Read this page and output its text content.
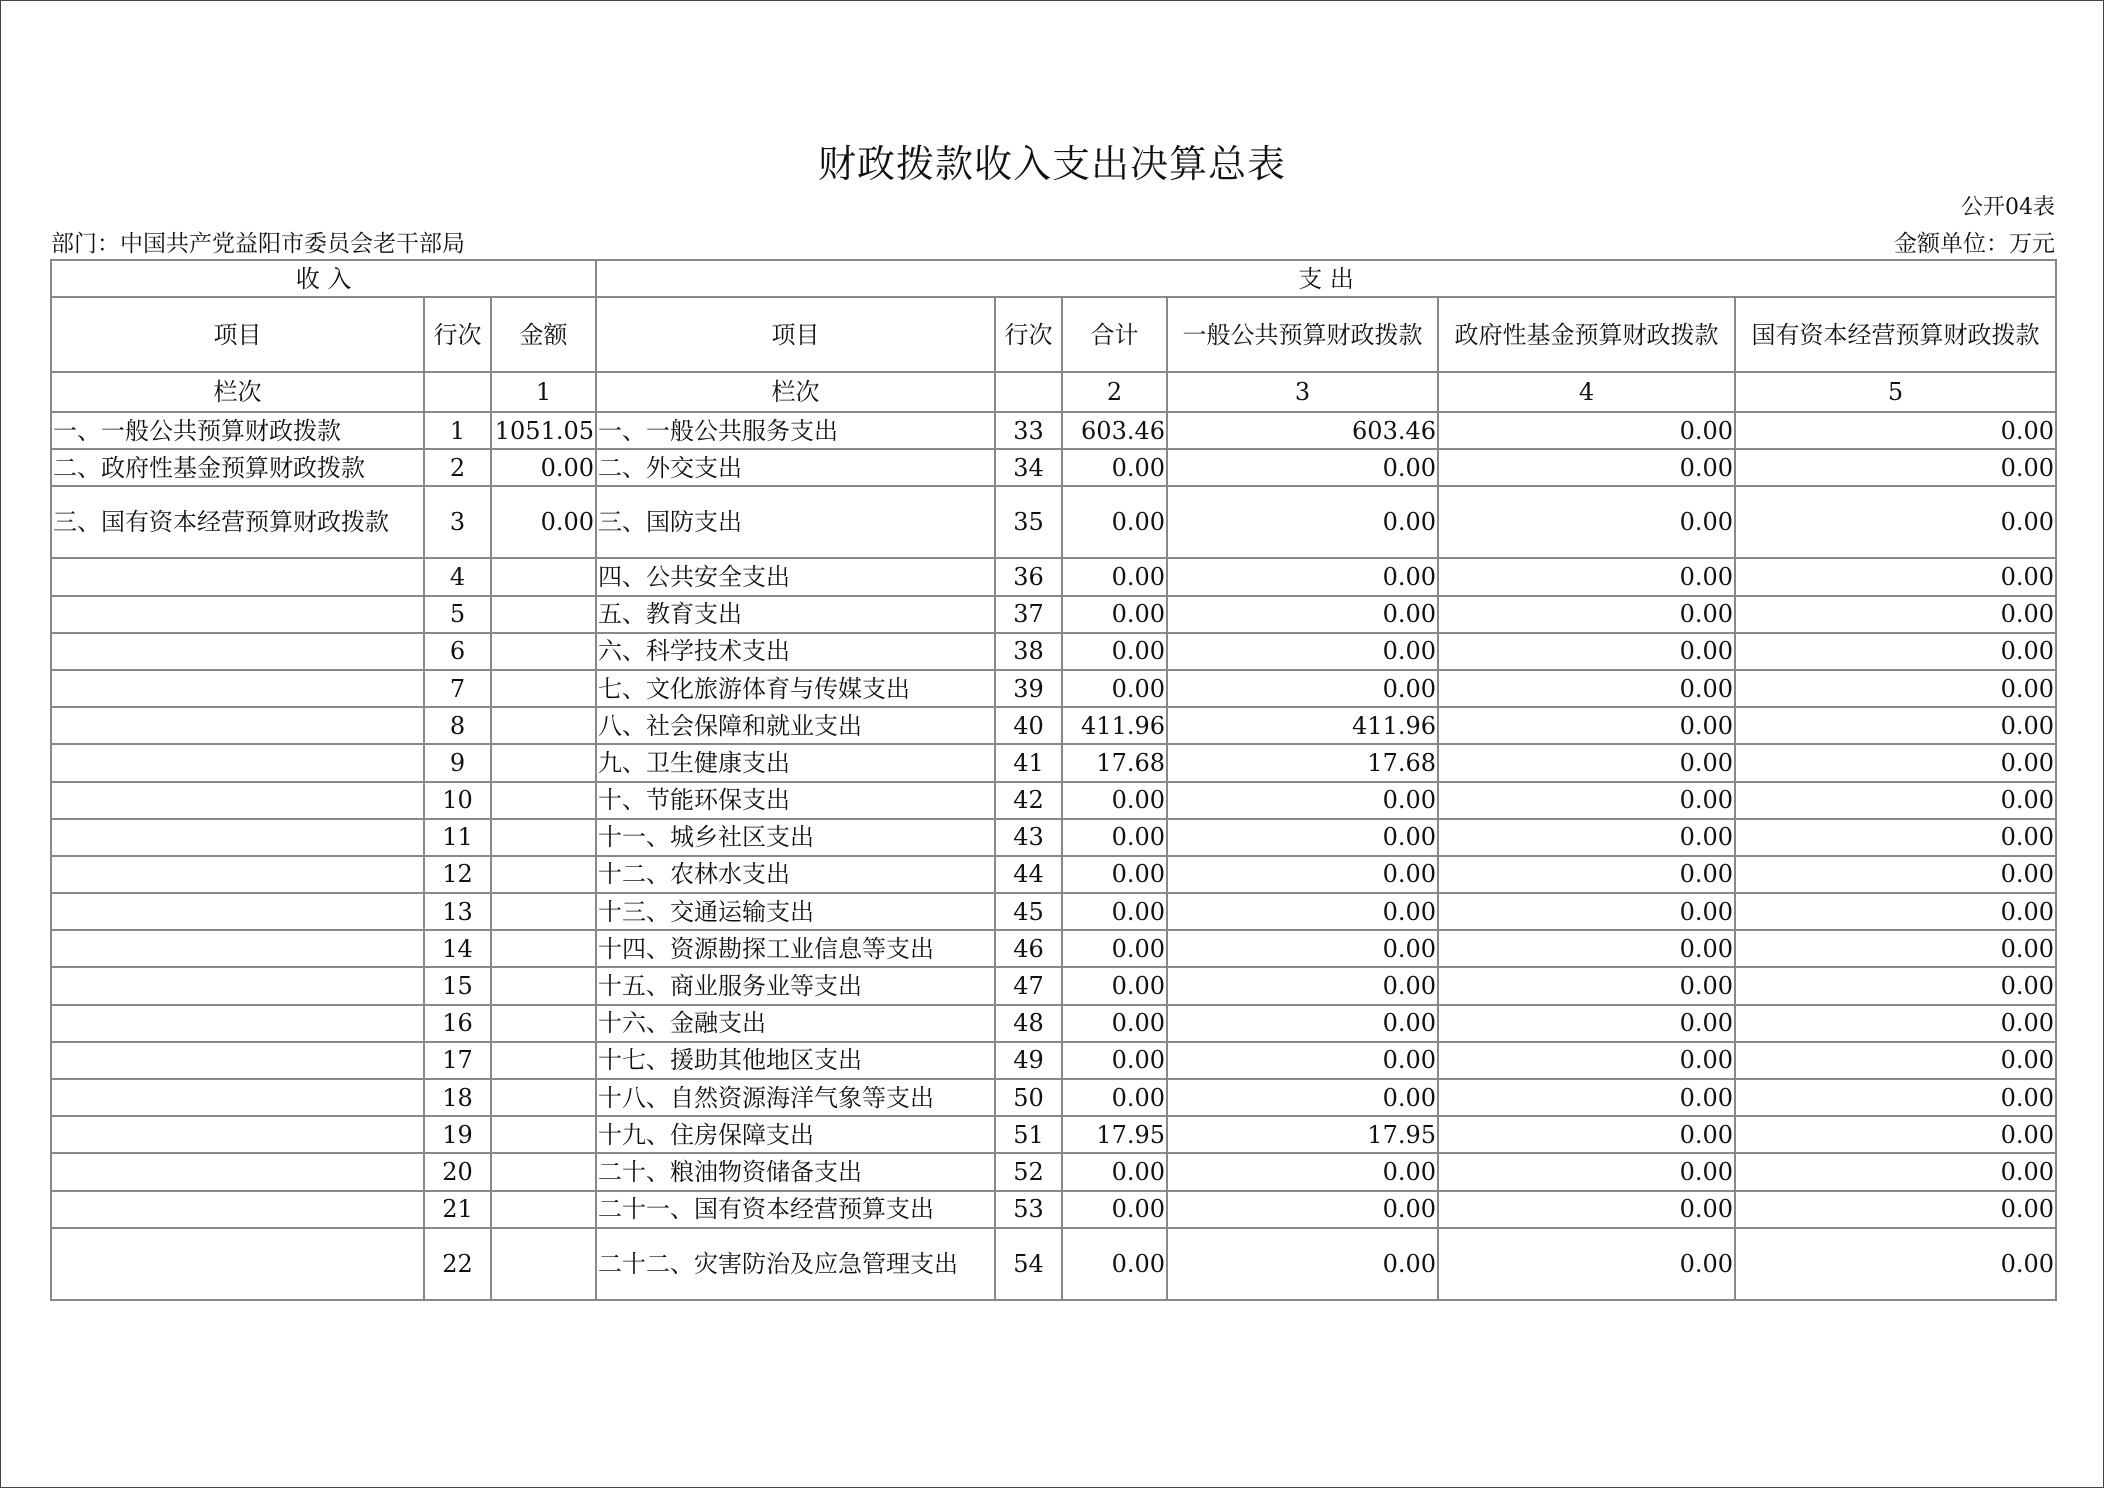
财政拨款收入支出决算总表
公开04表
部门：中国共产党益阳市委员会老干部局	金额单位：万元
收 入			支 出					
项目	行次	金额	项目	行次	合计	一般公共预算财政拨款	政府性基金预算财政拨款	国有资本经营预算财政拨款
栏次		1	栏次		2	3	4	5
一、一般公共预算财政拨款	1	1051.05	一、一般公共服务支出	33	603.46	603.46	0.00	0.00
二、政府性基金预算财政拨款	2	0.00	二、外交支出	34	0.00	0.00	0.00	0.00
三、国有资本经营预算财政拨款	3	0.00	三、国防支出	35	0.00	0.00	0.00	0.00
	4		四、公共安全支出	36	0.00	0.00	0.00	0.00
	5		五、教育支出	37	0.00	0.00	0.00	0.00
	6		六、科学技术支出	38	0.00	0.00	0.00	0.00
	7		七、文化旅游体育与传媒支出	39	0.00	0.00	0.00	0.00
	8		八、社会保障和就业支出	40	411.96	411.96	0.00	0.00
	9		九、卫生健康支出	41	17.68	17.68	0.00	0.00
	10		十、节能环保支出	42	0.00	0.00	0.00	0.00
	11		十一、城乡社区支出	43	0.00	0.00	0.00	0.00
	12		十二、农林水支出	44	0.00	0.00	0.00	0.00
	13		十三、交通运输支出	45	0.00	0.00	0.00	0.00
	14		十四、资源勘探工业信息等支出	46	0.00	0.00	0.00	0.00
	15		十五、商业服务业等支出	47	0.00	0.00	0.00	0.00
	16		十六、金融支出	48	0.00	0.00	0.00	0.00
	17		十七、援助其他地区支出	49	0.00	0.00	0.00	0.00
	18		十八、自然资源海洋气象等支出	50	0.00	0.00	0.00	0.00
	19		十九、住房保障支出	51	17.95	17.95	0.00	0.00
	20		二十、粮油物资储备支出	52	0.00	0.00	0.00	0.00
	21		二十一、国有资本经营预算支出	53	0.00	0.00	0.00	0.00
	22		二十二、灾害防治及应急管理支出	54	0.00	0.00	0.00	0.00
